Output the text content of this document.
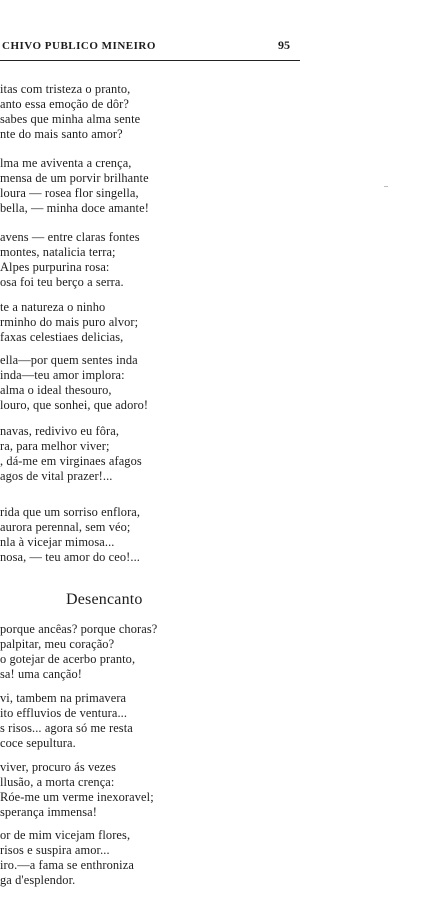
CHIVO PUBLICO MINEIRO	95
itas com tristeza o pranto,
anto essa emoção de dôr?
sabes que minha alma sente
nte do mais santo amor?
lma me aviventa a crença,
mensa de um porvir brilhante
loura — rosea flor singella,
bella, — minha doce amante!
avens — entre claras fontes
montes, natalicia terra;
Alpes purpurina rosa:
osa foi teu berço a serra.
te a natureza o ninho
rminho do mais puro alvor;
faxas celestiaes delicias,
ella—por quem sentes inda
inda—teu amor implora:
alma o ideal thesouro,
louro, que sonhei, que adoro!
navas, redivivo eu fôra,
ra, para melhor viver;
, dá-me em virginaes afagos
agos de vital prazer!...
rida que um sorriso enflora,
aurora perennal, sem véo;
nla à vicejar mimosa...
nosa, — teu amor do ceo!...
Desencanto
porque ancêas? porque choras?
palpitar, meu coração?
o gotejar de acerbo pranto,
sa! uma canção!
vi, tambem na primavera
ito effluvios de ventura...
s risos... agora só me resta
coce sepultura.
viver, procuro ás vezes
llusão, a morta crença:
Róe-me um verme inexoravel;
sperança immensa!
or de mim vicejam flores,
risos e suspira amor...
iro.—a fama se enthroniza
ga d'esplendor.
